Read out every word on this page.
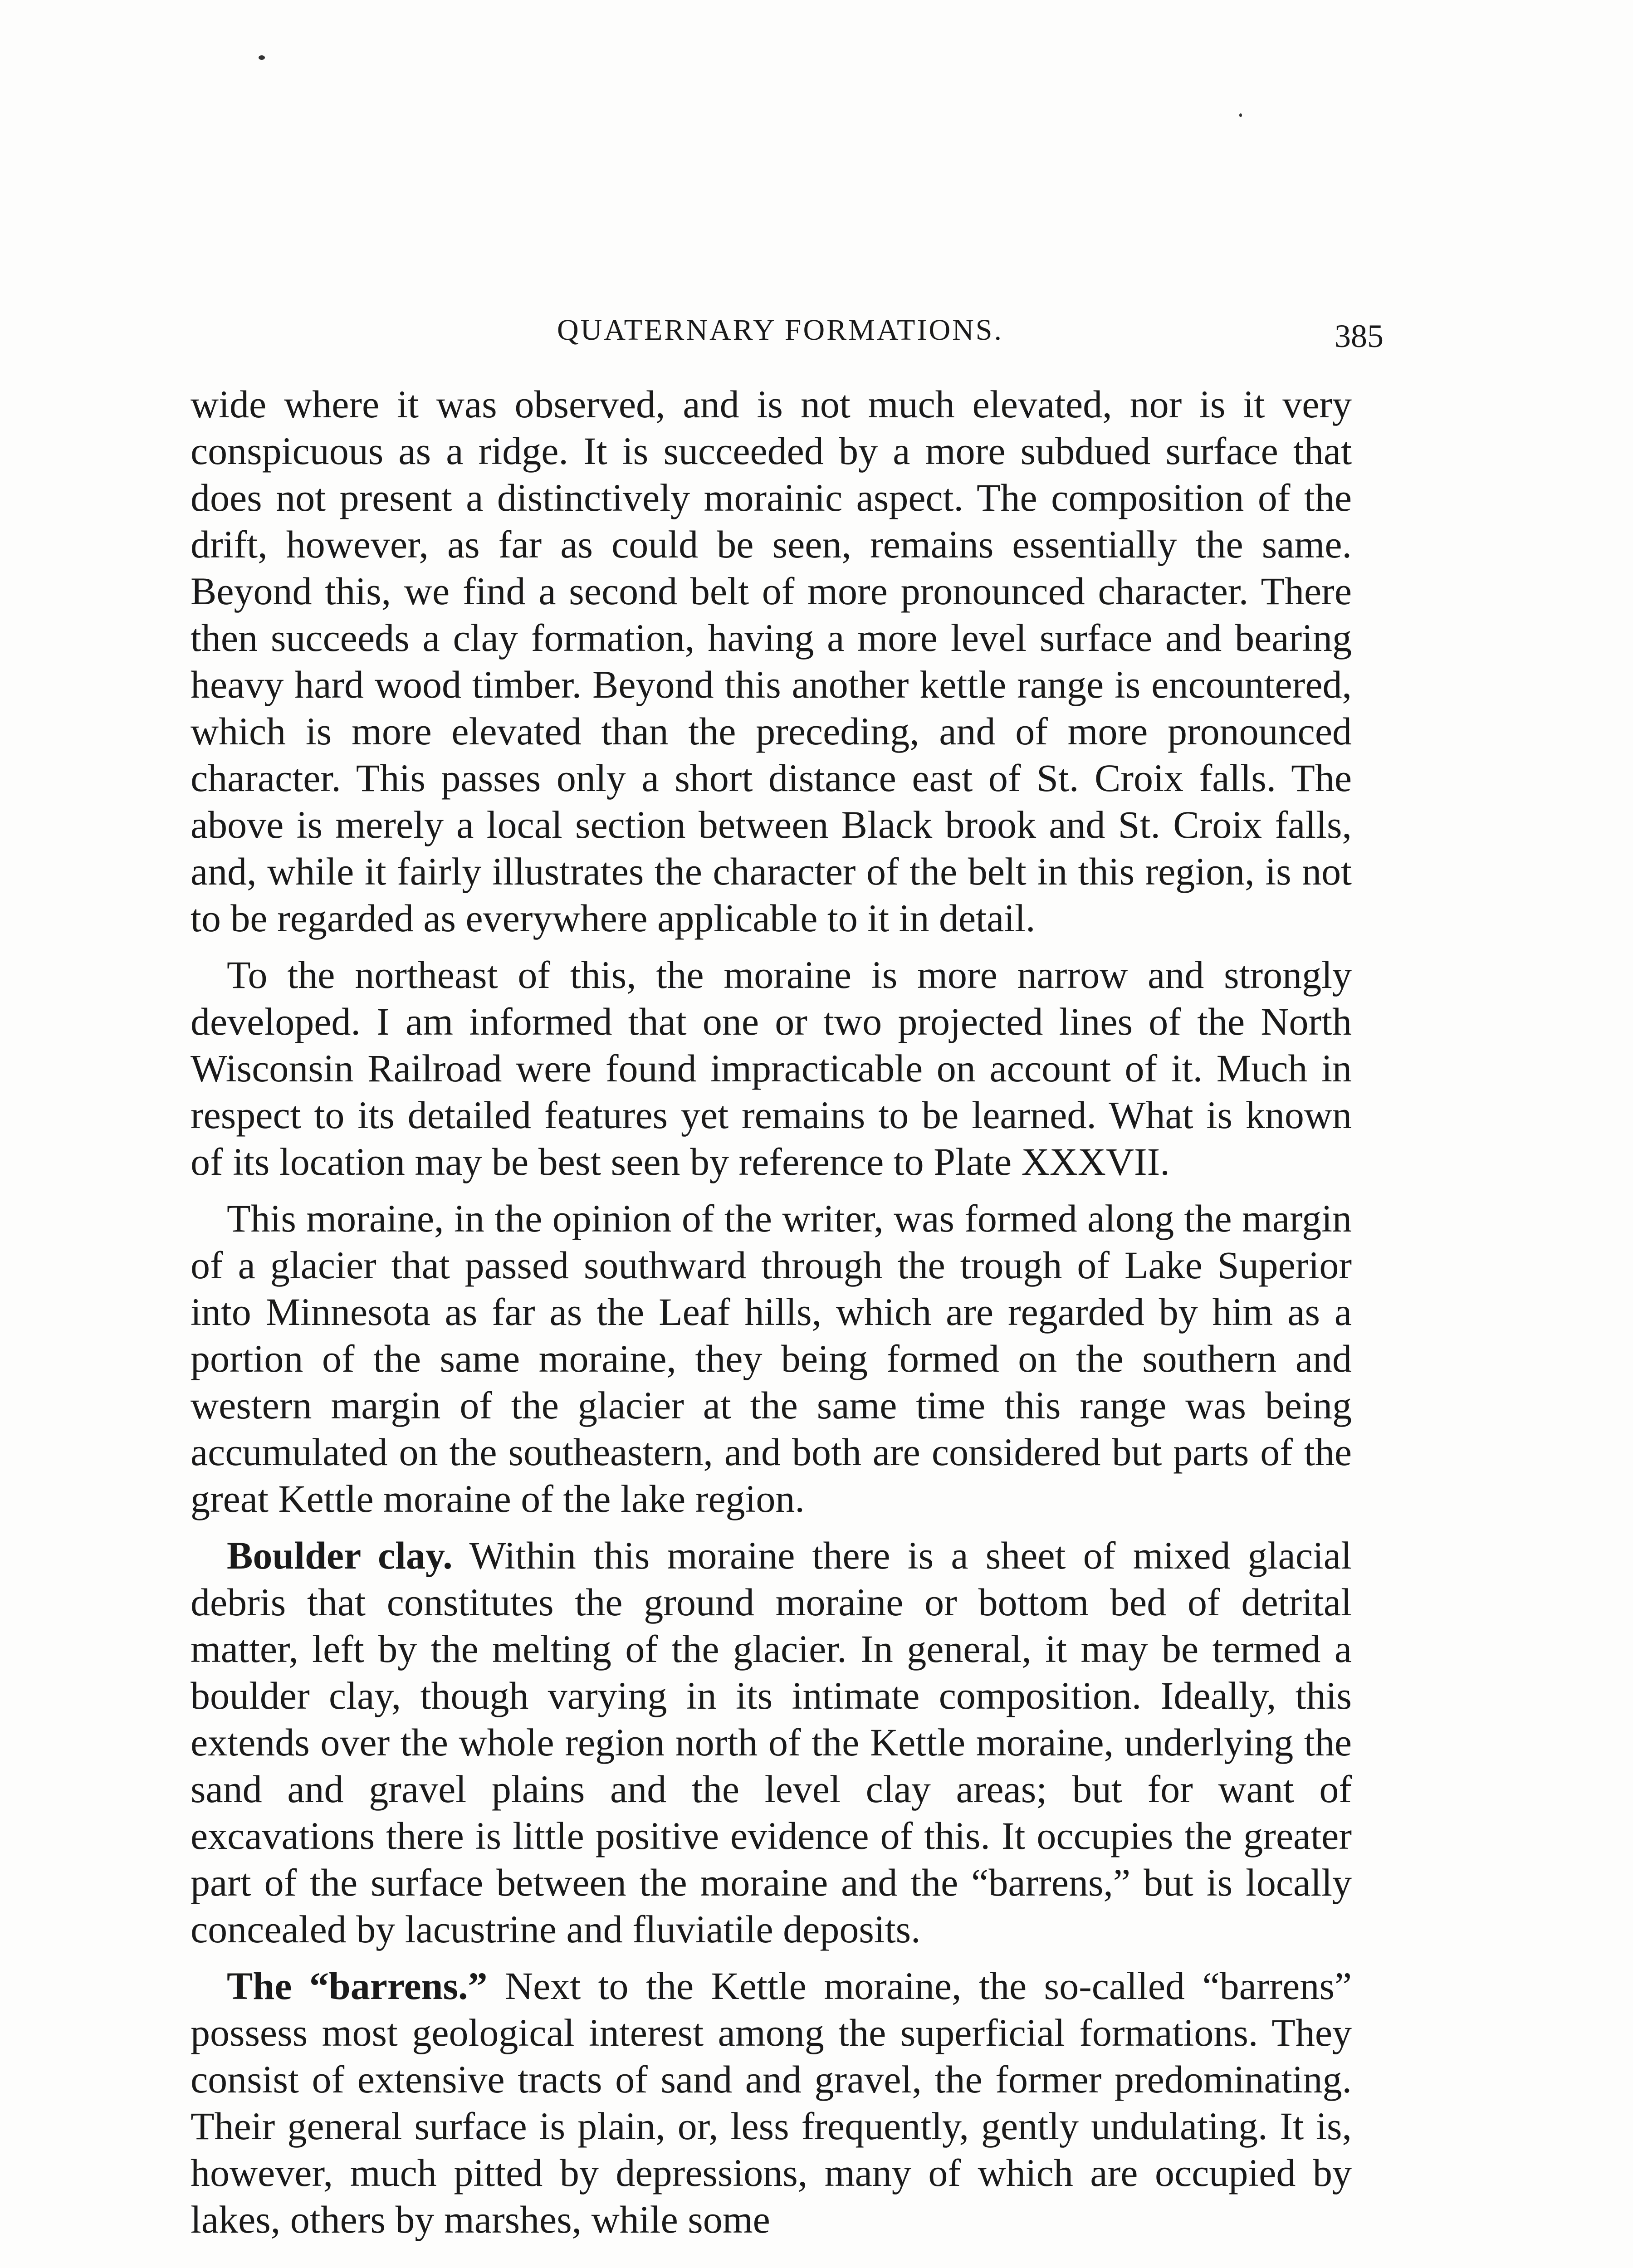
QUATERNARY FORMATIONS.	385

wide where it was observed, and is not much elevated, nor is it very conspicuous as a ridge. It is succeeded by a more subdued surface that does not present a distinctively morainic aspect. The composition of the drift, however, as far as could be seen, remains essentially the same. Beyond this, we find a second belt of more pronounced character. There then succeeds a clay formation, having a more level surface and bearing heavy hard wood timber. Beyond this another kettle range is encountered, which is more elevated than the preceding, and of more pronounced character. This passes only a short distance east of St. Croix falls. The above is merely a local section between Black brook and St. Croix falls, and, while it fairly illustrates the character of the belt in this region, is not to be regarded as everywhere applicable to it in detail.

To the northeast of this, the moraine is more narrow and strongly developed. I am informed that one or two projected lines of the North Wisconsin Railroad were found impracticable on account of it. Much in respect to its detailed features yet remains to be learned. What is known of its location may be best seen by reference to Plate XXXVII.

This moraine, in the opinion of the writer, was formed along the margin of a glacier that passed southward through the trough of Lake Superior into Minnesota as far as the Leaf hills, which are regarded by him as a portion of the same moraine, they being formed on the southern and western margin of the glacier at the same time this range was being accumulated on the southeastern, and both are considered but parts of the great Kettle moraine of the lake region.

Boulder clay. Within this moraine there is a sheet of mixed glacial debris that constitutes the ground moraine or bottom bed of detrital matter, left by the melting of the glacier. In general, it may be termed a boulder clay, though varying in its intimate composition. Ideally, this extends over the whole region north of the Kettle moraine, underlying the sand and gravel plains and the level clay areas; but for want of excavations there is little positive evidence of this. It occupies the greater part of the surface between the moraine and the “barrens,” but is locally concealed by lacustrine and fluviatile deposits.

The “barrens.” Next to the Kettle moraine, the so-called “barrens” possess most geological interest among the superficial formations. They consist of extensive tracts of sand and gravel, the former predominating. Their general surface is plain, or, less frequently, gently undulating. It is, however, much pitted by depressions, many of which are occupied by lakes, others by marshes, while some
